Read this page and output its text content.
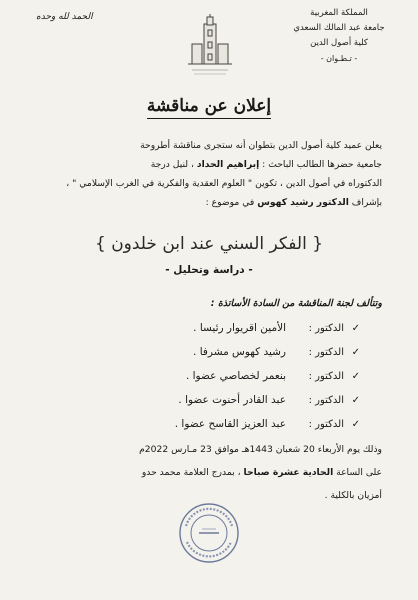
المملكة المغربية
جامعة عبد المالك السعدي
كلية أصول الدين
- تـطـوان -
الحمد لله وحده
إعلان عن مناقشة

يعلن عميد كلية أصول الدين بتطوان أنه ستجرى مناقشة أطروحة

جامعية حضرها الطالب الباحث : إبراهيم الحداد ، لنيل درجة

الدكتوراه في أصول الدين ، تكوين " العلوم العقدية والفكرية في الغرب الإسلامي " ،

بإشراف الدكتور رشيد كهوس في موضوع :

{ الفكر السني عند ابن خلدون }
- دراسة وتحليل -
وتتألف لجنة المناقشة من السادة الأساتذة :
✓
الدكتور :
الأمين اقريوار رئيسا .
✓
الدكتور :
رشيد كهوس مشرفا .
✓
الدكتور :
بنعمر لخصاصي عضوا .
✓
الدكتور :
عبد القادر أحنوت عضوا .
✓
الدكتور :
عبد العزيز القاسح عضوا .

وذلك يوم الأربعاء 20 شعبان 1443هـ موافق 23 مـارس 2022م

على الساعة الحادية عشرة صباحا ، بمدرج العلامة محمد حدو

أمزيان بالكلية .
